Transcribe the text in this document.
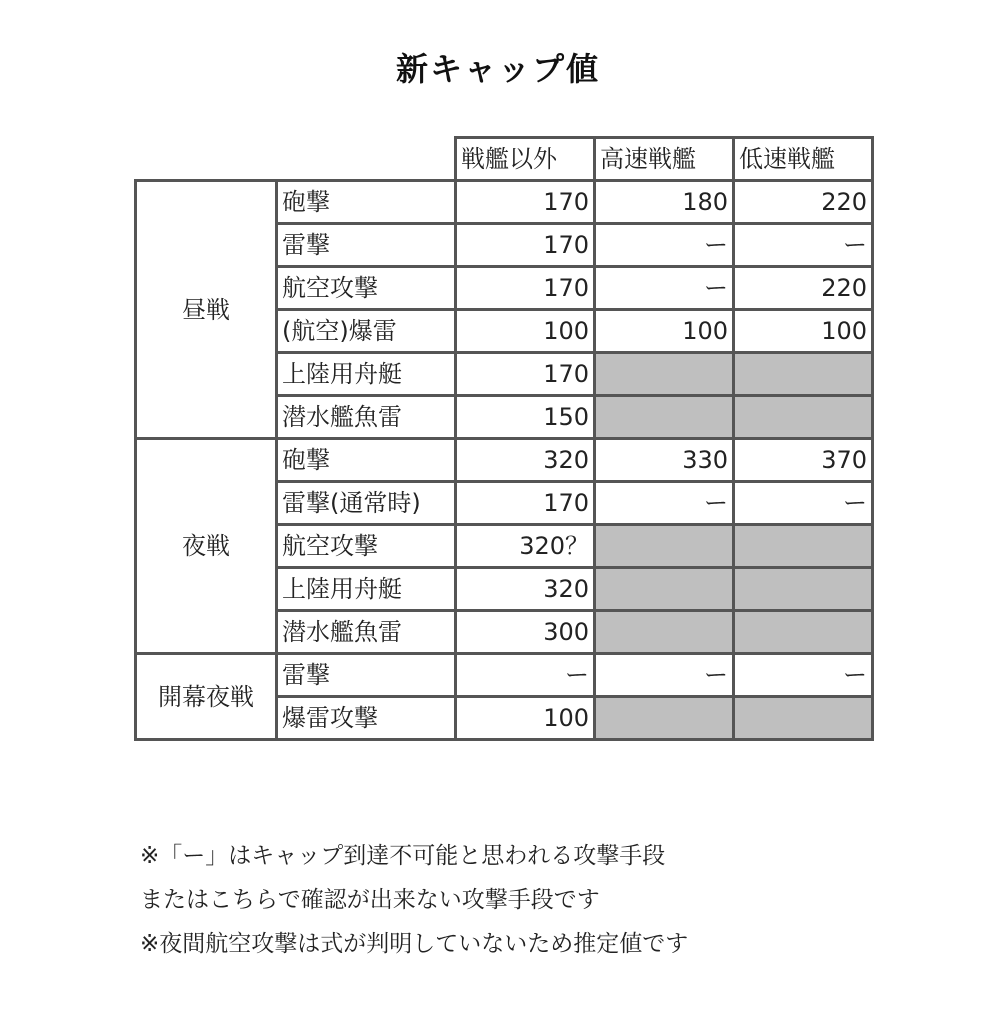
新キャップ値
		戦艦以外	高速戦艦	低速戦艦
昼戦	砲撃	170	180	220
	雷撃	170	ー	ー
	航空攻撃	170	ー	220
	(航空)爆雷	100	100	100
	上陸用舟艇	170		
	潜水艦魚雷	150		
夜戦	砲撃	320	330	370
	雷撃(通常時)	170	ー	ー
	航空攻撃	320？		
	上陸用舟艇	320		
	潜水艦魚雷	300		
開幕夜戦	雷撃	ー	ー	ー
	爆雷攻撃	100		
※「ー」はキャップ到達不可能と思われる攻撃手段
またはこちらで確認が出来ない攻撃手段です
※夜間航空攻撃は式が判明していないため推定値です
